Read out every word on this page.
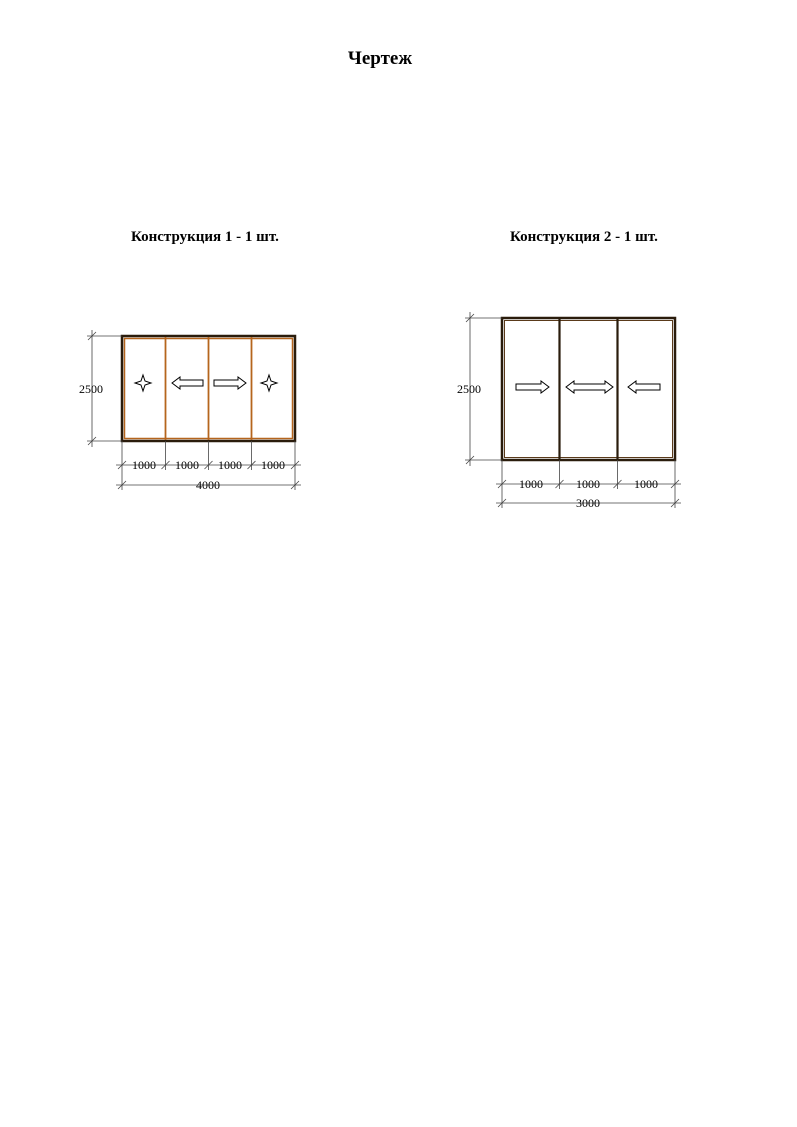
Чертеж
Конструкция 1 - 1 шт.	Конструкция 2 - 1 шт.
2500
1000 1000 1000 1000
4000
2500
1000	1000	1000
3000
